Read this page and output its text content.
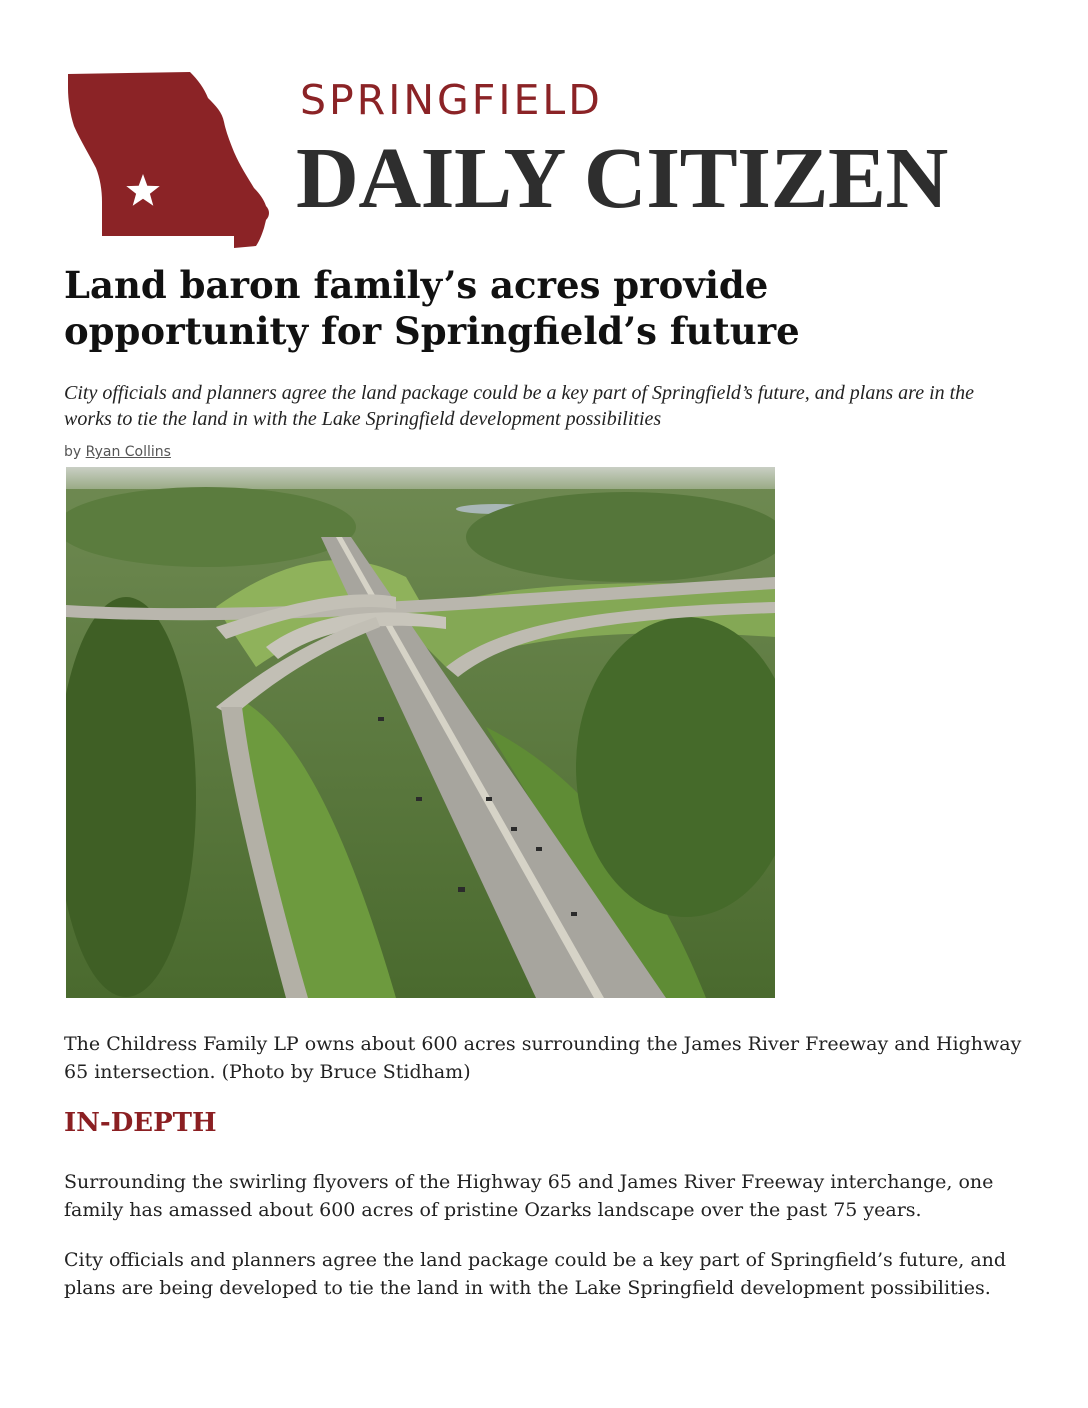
SPRINGFIELD
DAILY CITIZEN
Land baron family’s acres provide opportunity for Springfield’s future

City officials and planners agree the land package could be a key part of Springfield’s future, and plans are in the works to tie the land in with the Lake Springfield development possibilities

by Ryan Collins

The Childress Family LP owns about 600 acres surrounding the James River Freeway and Highway 65 intersection. (Photo by Bruce Stidham)

IN-DEPTH

Surrounding the swirling flyovers of the Highway 65 and James River Freeway interchange, one family has amassed about 600 acres of pristine Ozarks landscape over the past 75 years.

City officials and planners agree the land package could be a key part of Springfield’s future, and plans are being developed to tie the land in with the Lake Springfield development possibilities.
